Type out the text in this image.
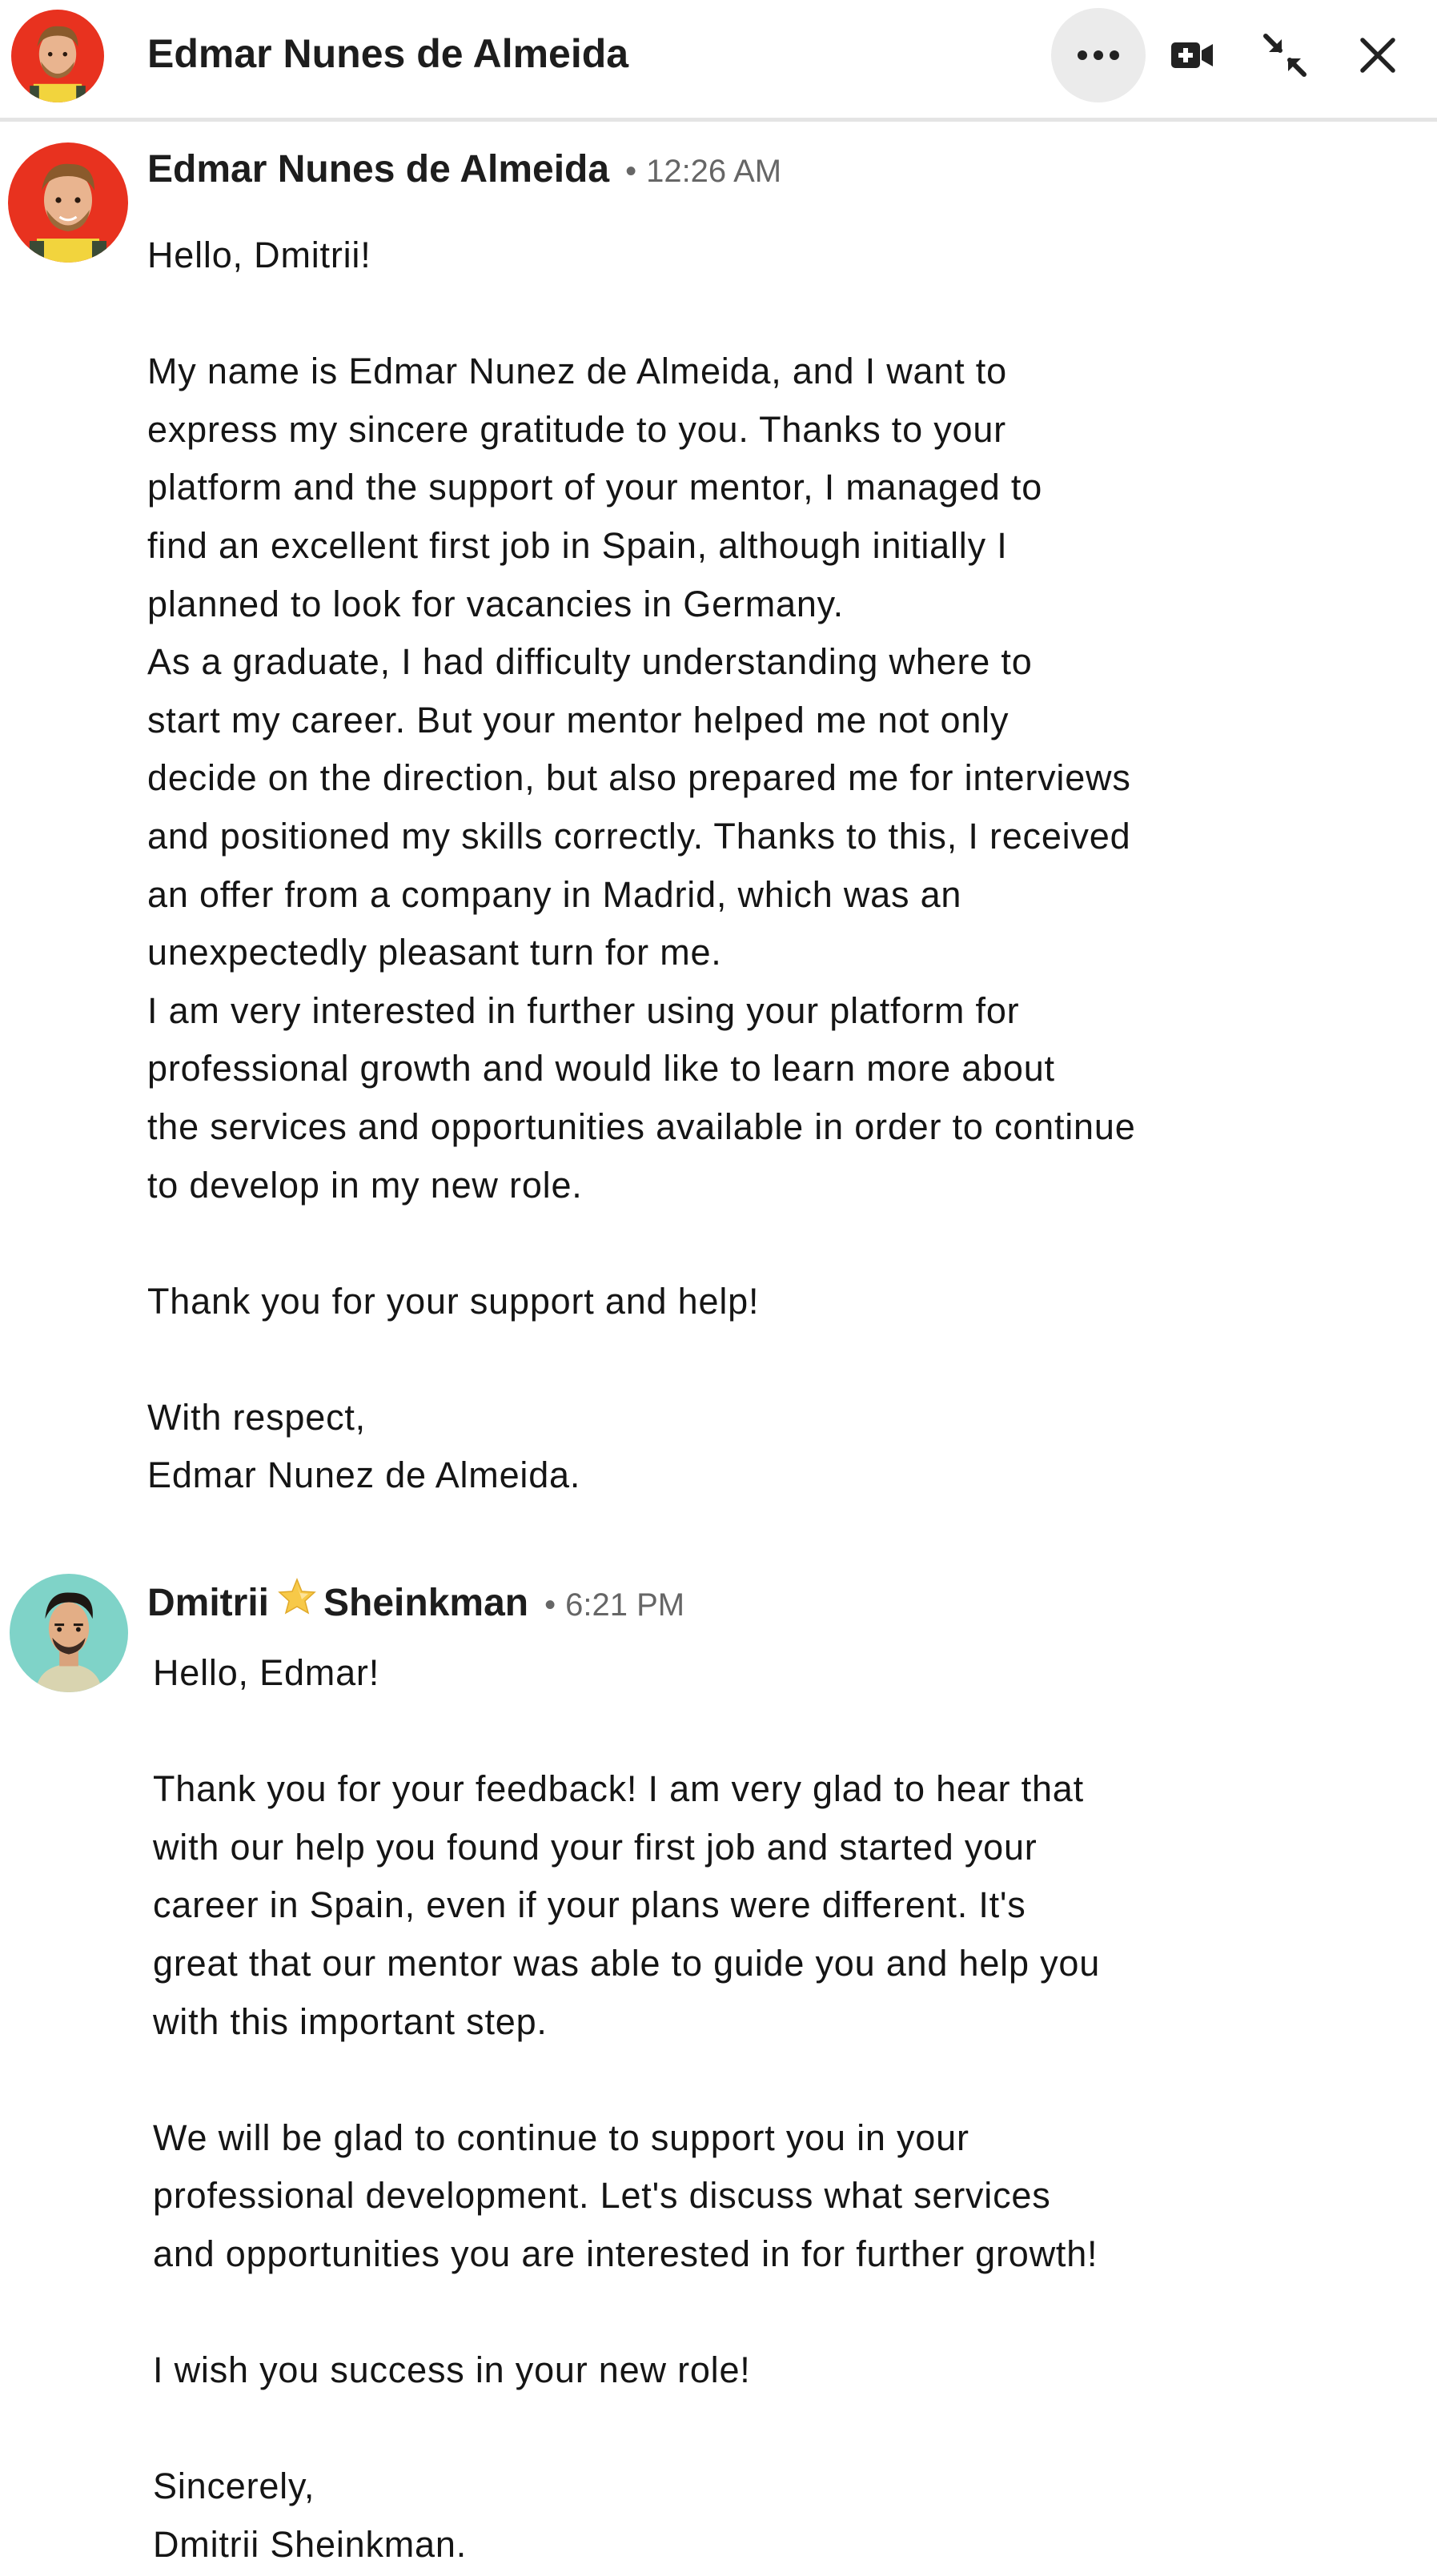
Edmar Nunes de Almeida
Edmar Nunes de Almeida • 12:26 AM

Hello, Dmitrii!

My name is Edmar Nunez de Almeida, and I want to

express my sincere gratitude to you. Thanks to your

platform and the support of your mentor, I managed to

find an excellent first job in Spain, although initially I

planned to look for vacancies in Germany.

As a graduate, I had difficulty understanding where to

start my career. But your mentor helped me not only

decide on the direction, but also prepared me for interviews

and positioned my skills correctly. Thanks to this, I received

an offer from a company in Madrid, which was an

unexpectedly pleasant turn for me.

I am very interested in further using your platform for

professional growth and would like to learn more about

the services and opportunities available in order to continue

to develop in my new role.

Thank you for your support and help!

With respect,

Edmar Nunez de Almeida.

Dmitrii Sheinkman • 6:21 PM

Hello, Edmar!

Thank you for your feedback! I am very glad to hear that

with our help you found your first job and started your

career in Spain, even if your plans were different. It's

great that our mentor was able to guide you and help you

with this important step.

We will be glad to continue to support you in your

professional development. Let's discuss what services

and opportunities you are interested in for further growth!

I wish you success in your new role!

Sincerely,

Dmitrii Sheinkman.
